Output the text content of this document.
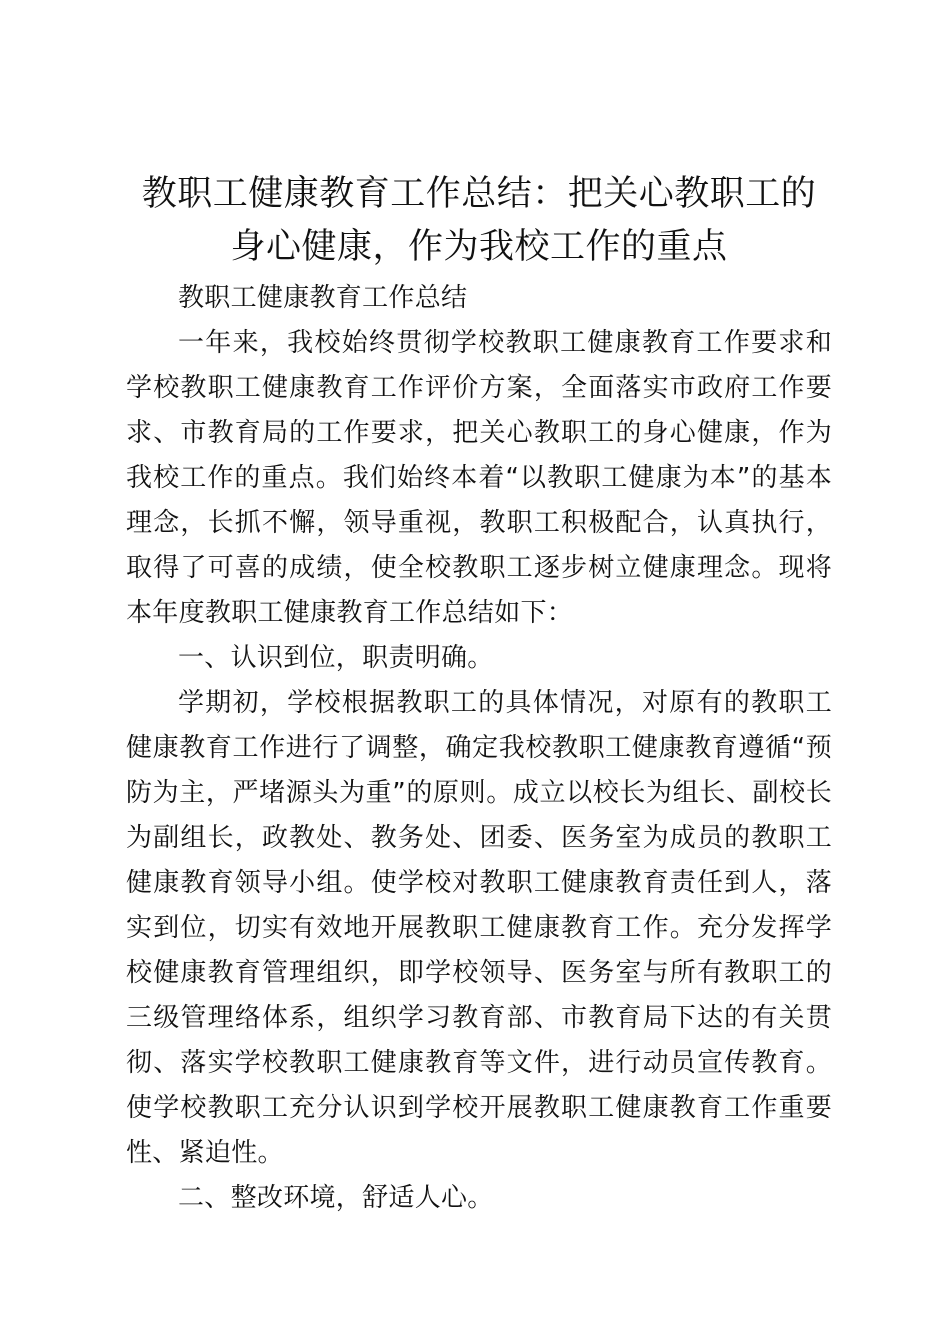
教职工健康教育工作总结：把关心教职工的身心健康，作为我校工作的重点

教职工健康教育工作总结

一年来，我校始终贯彻学校教职工健康教育工作要求和学校教职工健康教育工作评价方案，全面落实市政府工作要求、市教育局的工作要求，把关心教职工的身心健康，作为我校工作的重点。我们始终本着“以教职工健康为本”的基本理念，长抓不懈，领导重视，教职工积极配合，认真执行，取得了可喜的成绩，使全校教职工逐步树立健康理念。现将本年度教职工健康教育工作总结如下：

一、认识到位，职责明确。

学期初，学校根据教职工的具体情况，对原有的教职工健康教育工作进行了调整，确定我校教职工健康教育遵循“预防为主，严堵源头为重”的原则。成立以校长为组长、副校长为副组长，政教处、教务处、团委、医务室为成员的教职工健康教育领导小组。使学校对教职工健康教育责任到人，落实到位，切实有效地开展教职工健康教育工作。充分发挥学校健康教育管理组织，即学校领导、医务室与所有教职工的三级管理络体系，组织学习教育部、市教育局下达的有关贯彻、落实学校教职工健康教育等文件，进行动员宣传教育。使学校教职工充分认识到学校开展教职工健康教育工作重要性、紧迫性。

二、整改环境，舒适人心。
